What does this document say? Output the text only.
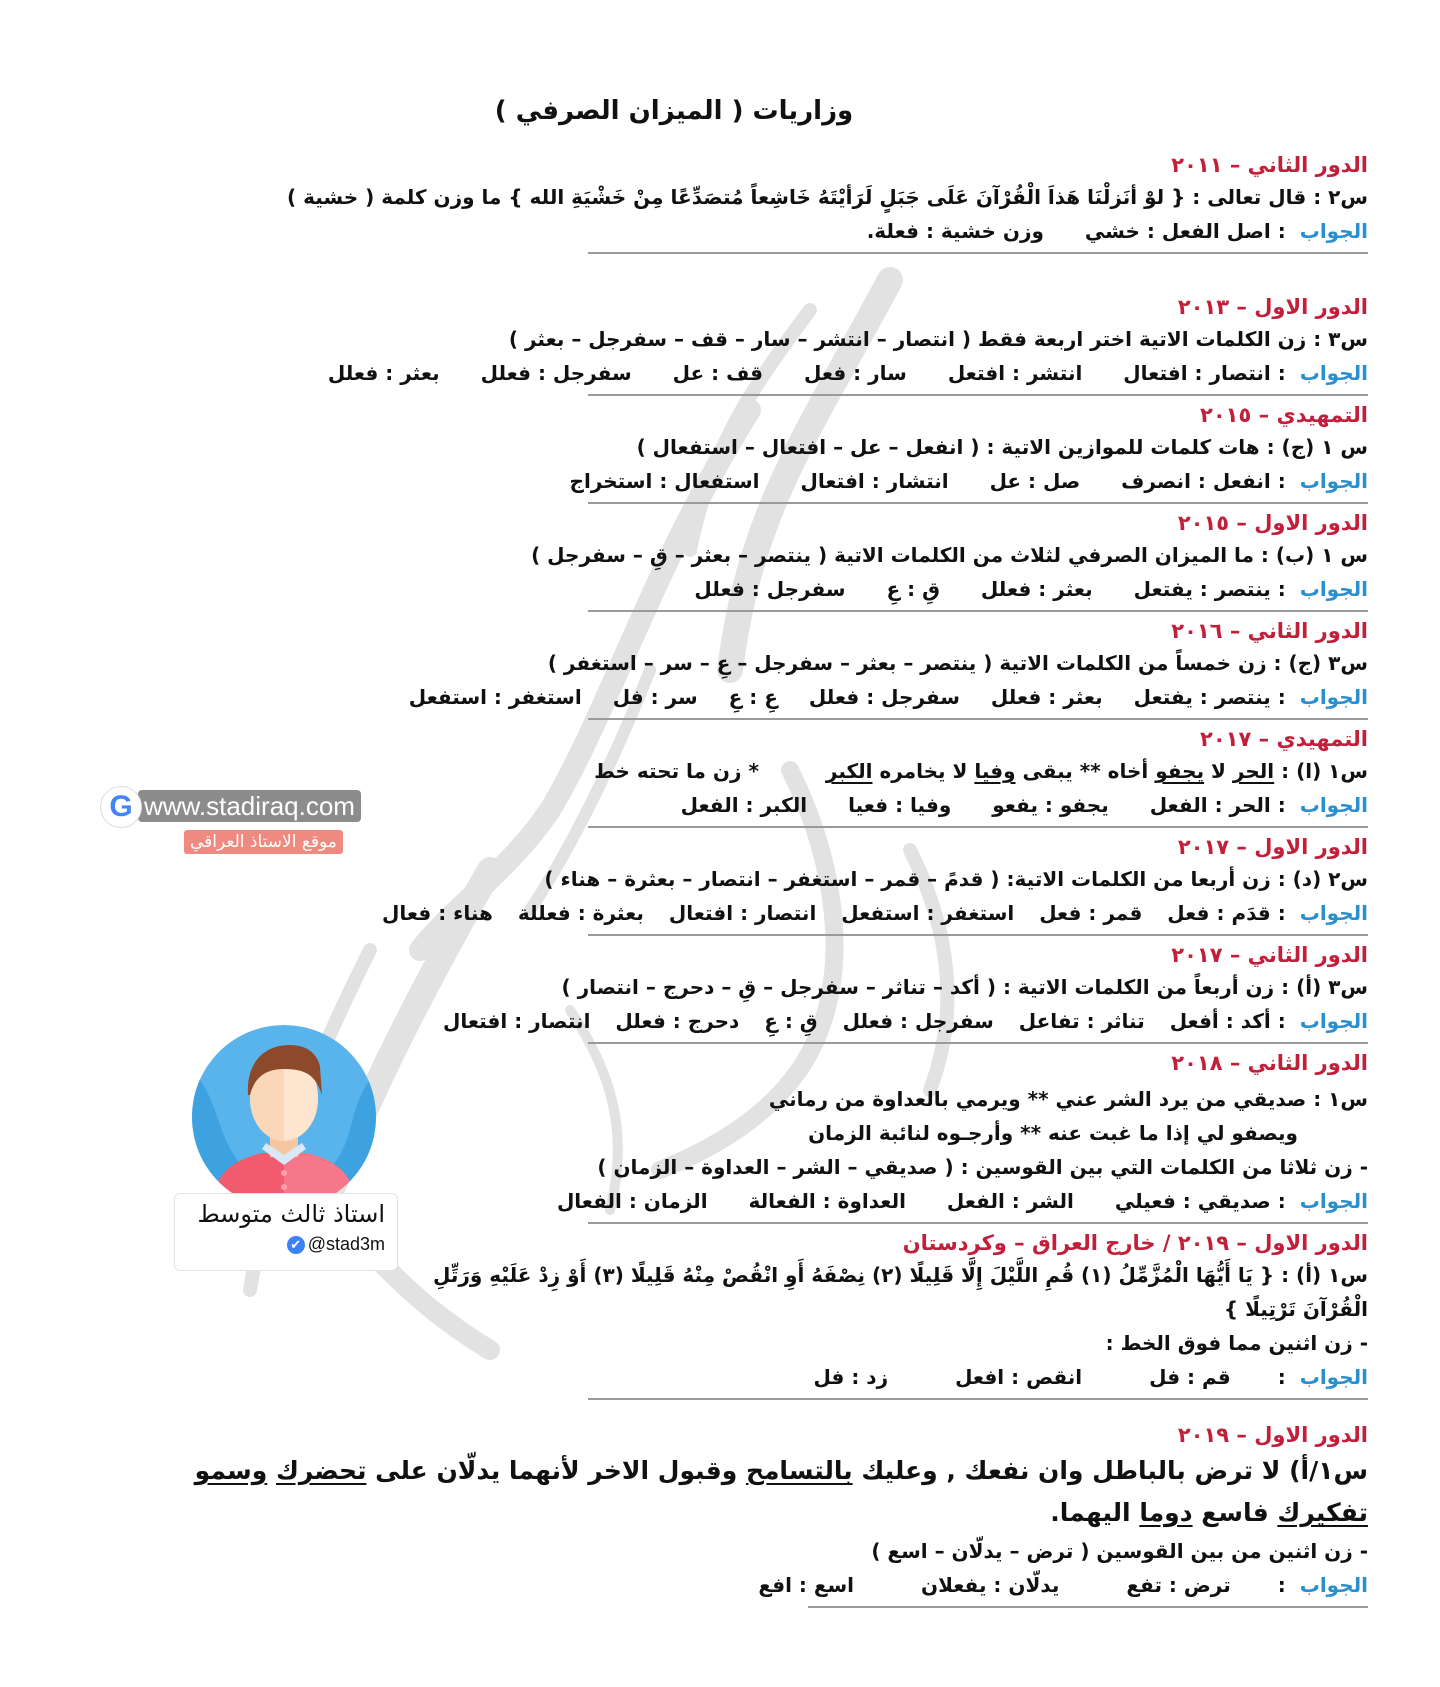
وزاريات ( الميزان الصرفي )
الدور الثاني – ٢٠١١
س٢ : قال تعالى : { لوْ أنَزلْنَا هَذاَ الْقُرْآنَ عَلَى جَبَلٍ لَرَأيْتَهُ خَاشِعاً مُتصَدِّعًا مِنْ خَشْيَةِ الله } ما وزن كلمة ( خشية )
الجواب: اصل الفعل : خشي وزن خشية : فعلة.
الدور الاول – ٢٠١٣
س٣ : زن الكلمات الاتية اختر اربعة فقط ( انتصار – انتشر – سار – قف – سفرجل – بعثر )
الجواب: انتصار : افتعال انتشر : افتعل سار : فعل قف : عل سفرجل : فعلل بعثر : فعلل
التمهيدي – ٢٠١٥
س ١ (ج) : هات كلمات للموازين الاتية : ( انفعل – عل – افتعال – استفعال )
الجواب: انفعل : انصرف صل : عل انتشار : افتعال استفعال : استخراج
الدور الاول – ٢٠١٥
س ١ (ب) : ما الميزان الصرفي لثلاث من الكلمات الاتية ( ينتصر – بعثر – قِ – سفرجل )
الجواب: ينتصر : يفتعل بعثر : فعلل قِ : عِ سفرجل : فعلل
الدور الثاني – ٢٠١٦
س٣ (ج) : زن خمساً من الكلمات الاتية ( ينتصر – بعثر – سفرجل – عِ – سر – استغفر )
الجواب: ينتصر : يفتعل بعثر : فعلل سفرجل : فعلل عِ : عِ سر : فل استغفر : استفعل
التمهيدي – ٢٠١٧
س١ (ا) : الحر لا يجفو أخاه ** يبقى وفيا لا يخامره الكبر * زن ما تحته خط
الجواب: الحر : الفعل يجفو : يفعو وفيا : فعيا الكبر : الفعل
الدور الاول – ٢٠١٧
س٢ (د) : زن أربعا من الكلمات الاتية: ( قدمً – قمر – استغفر – انتصار – بعثرة – هناء )
الجواب: قدَم : فعل قمر : فعل استغفر : استفعل انتصار : افتعال بعثرة : فعللة هناء : فعال
الدور الثاني – ٢٠١٧
س٣ (أ) : زن أربعاً من الكلمات الاتية : ( أكد – تناثر – سفرجل – قِ – دحرج – انتصار )
الجواب: أكد : أفعل تناثر : تفاعل سفرجل : فعلل قِ : عِ دحرج : فعلل انتصار : افتعال
الدور الثاني – ٢٠١٨
س١ : صديقي من يرد الشر عني ** ويرمي بالعداوة من رماني
ويصفو لي إذا ما غبت عنه ** وأرجـوه لنائبة الزمان
- زن ثلاثا من الكلمات التي بين القوسين : ( صديقي – الشر – العداوة – الزمان )
الجواب: صديقي : فعيلي الشر : الفعل العداوة : الفعالة الزمان : الفعال
الدور الاول – ٢٠١٩ / خارج العراق – وكردستان
س١ (أ) : { يَا أَيُّهَا الْمُزَّمِّلُ (١) قُمِ اللَّيْلَ إِلَّا قَلِيلًا (٢) نِصْفَهُ أَوِ انْقُصْ مِنْهُ قَلِيلًا (٣) أَوْ زِدْ عَلَيْهِ وَرَتِّلِ الْقُرْآنَ تَرْتِيلًا }
- زن اثنين مما فوق الخط :
الجواب: قم : فل انقص : افعل زد : فل
الدور الاول – ٢٠١٩
س١/أ) لا ترض بالباطل وان نفعك , وعليك بالتسامح وقبول الاخر لأنهما يدلّان على تحضرك وسمو تفكيرك فاسع دوما اليهما.
- زن اثنين من بين القوسين ( ترض – يدلّان – اسع )
الجواب: ترض : تفع يدلّان : يفعلان اسع : افع
www.stadiraq.com
G
موقع الاستاذ العراقي
استاذ ثالث متوسط
✔ @stad3m
